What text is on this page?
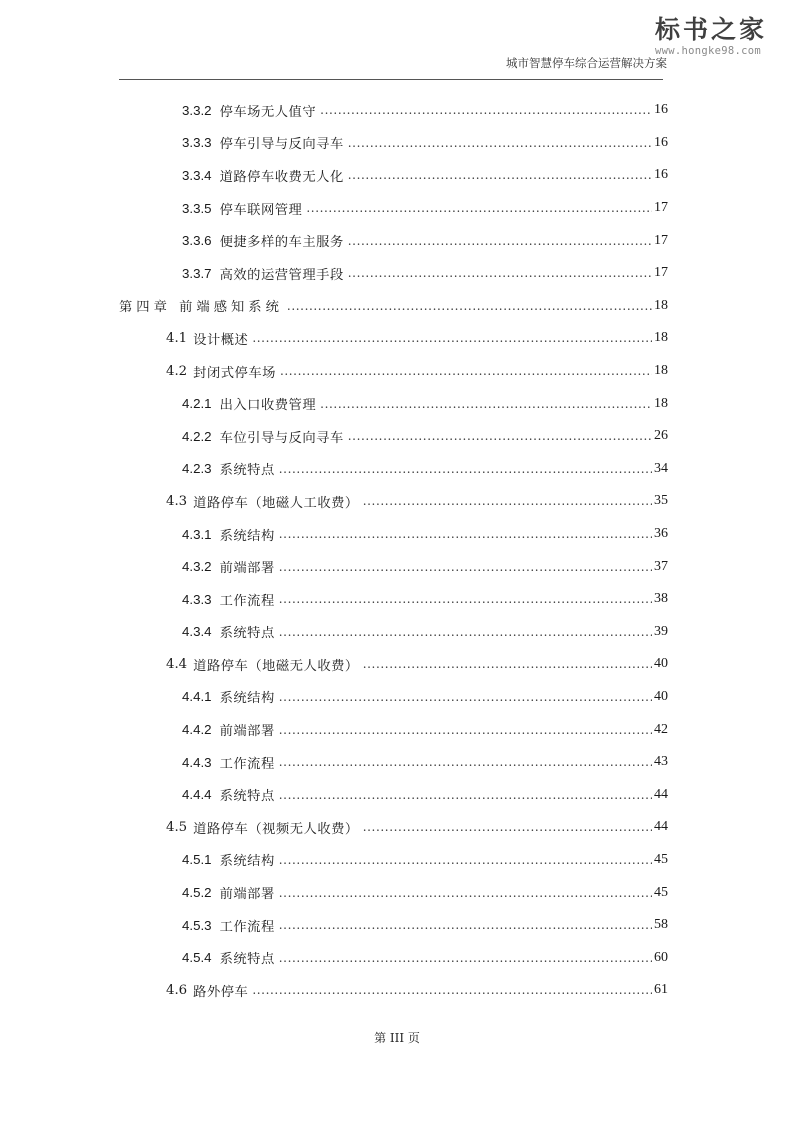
标书之家
www.hongke98.com
城市智慧停车综合运营解决方案
3.3.2 停车场无人值守 .....	16
3.3.3 停车引导与反向寻车 .....	16
3.3.4 道路停车收费无人化 .....	16
3.3.5 停车联网管理 .....	17
3.3.6 便捷多样的车主服务 .....	17
3.3.7 高效的运营管理手段 .....	17
第四章 前端感知系统 .....	18
4.1 设计概述 .....	18
4.2 封闭式停车场 .....	18
4.2.1 出入口收费管理 .....	18
4.2.2 车位引导与反向寻车 .....	26
4.2.3 系统特点 .....	34
4.3 道路停车（地磁人工收费） .....	35
4.3.1 系统结构 .....	36
4.3.2 前端部署 .....	37
4.3.3 工作流程 .....	38
4.3.4 系统特点 .....	39
4.4 道路停车（地磁无人收费） .....	40
4.4.1 系统结构 .....	40
4.4.2 前端部署 .....	42
4.4.3 工作流程 .....	43
4.4.4 系统特点 .....	44
4.5 道路停车（视频无人收费） .....	44
4.5.1 系统结构 .....	45
4.5.2 前端部署 .....	45
4.5.3 工作流程 .....	58
4.5.4 系统特点 .....	60
4.6 路外停车 .....	61
第 III 页
